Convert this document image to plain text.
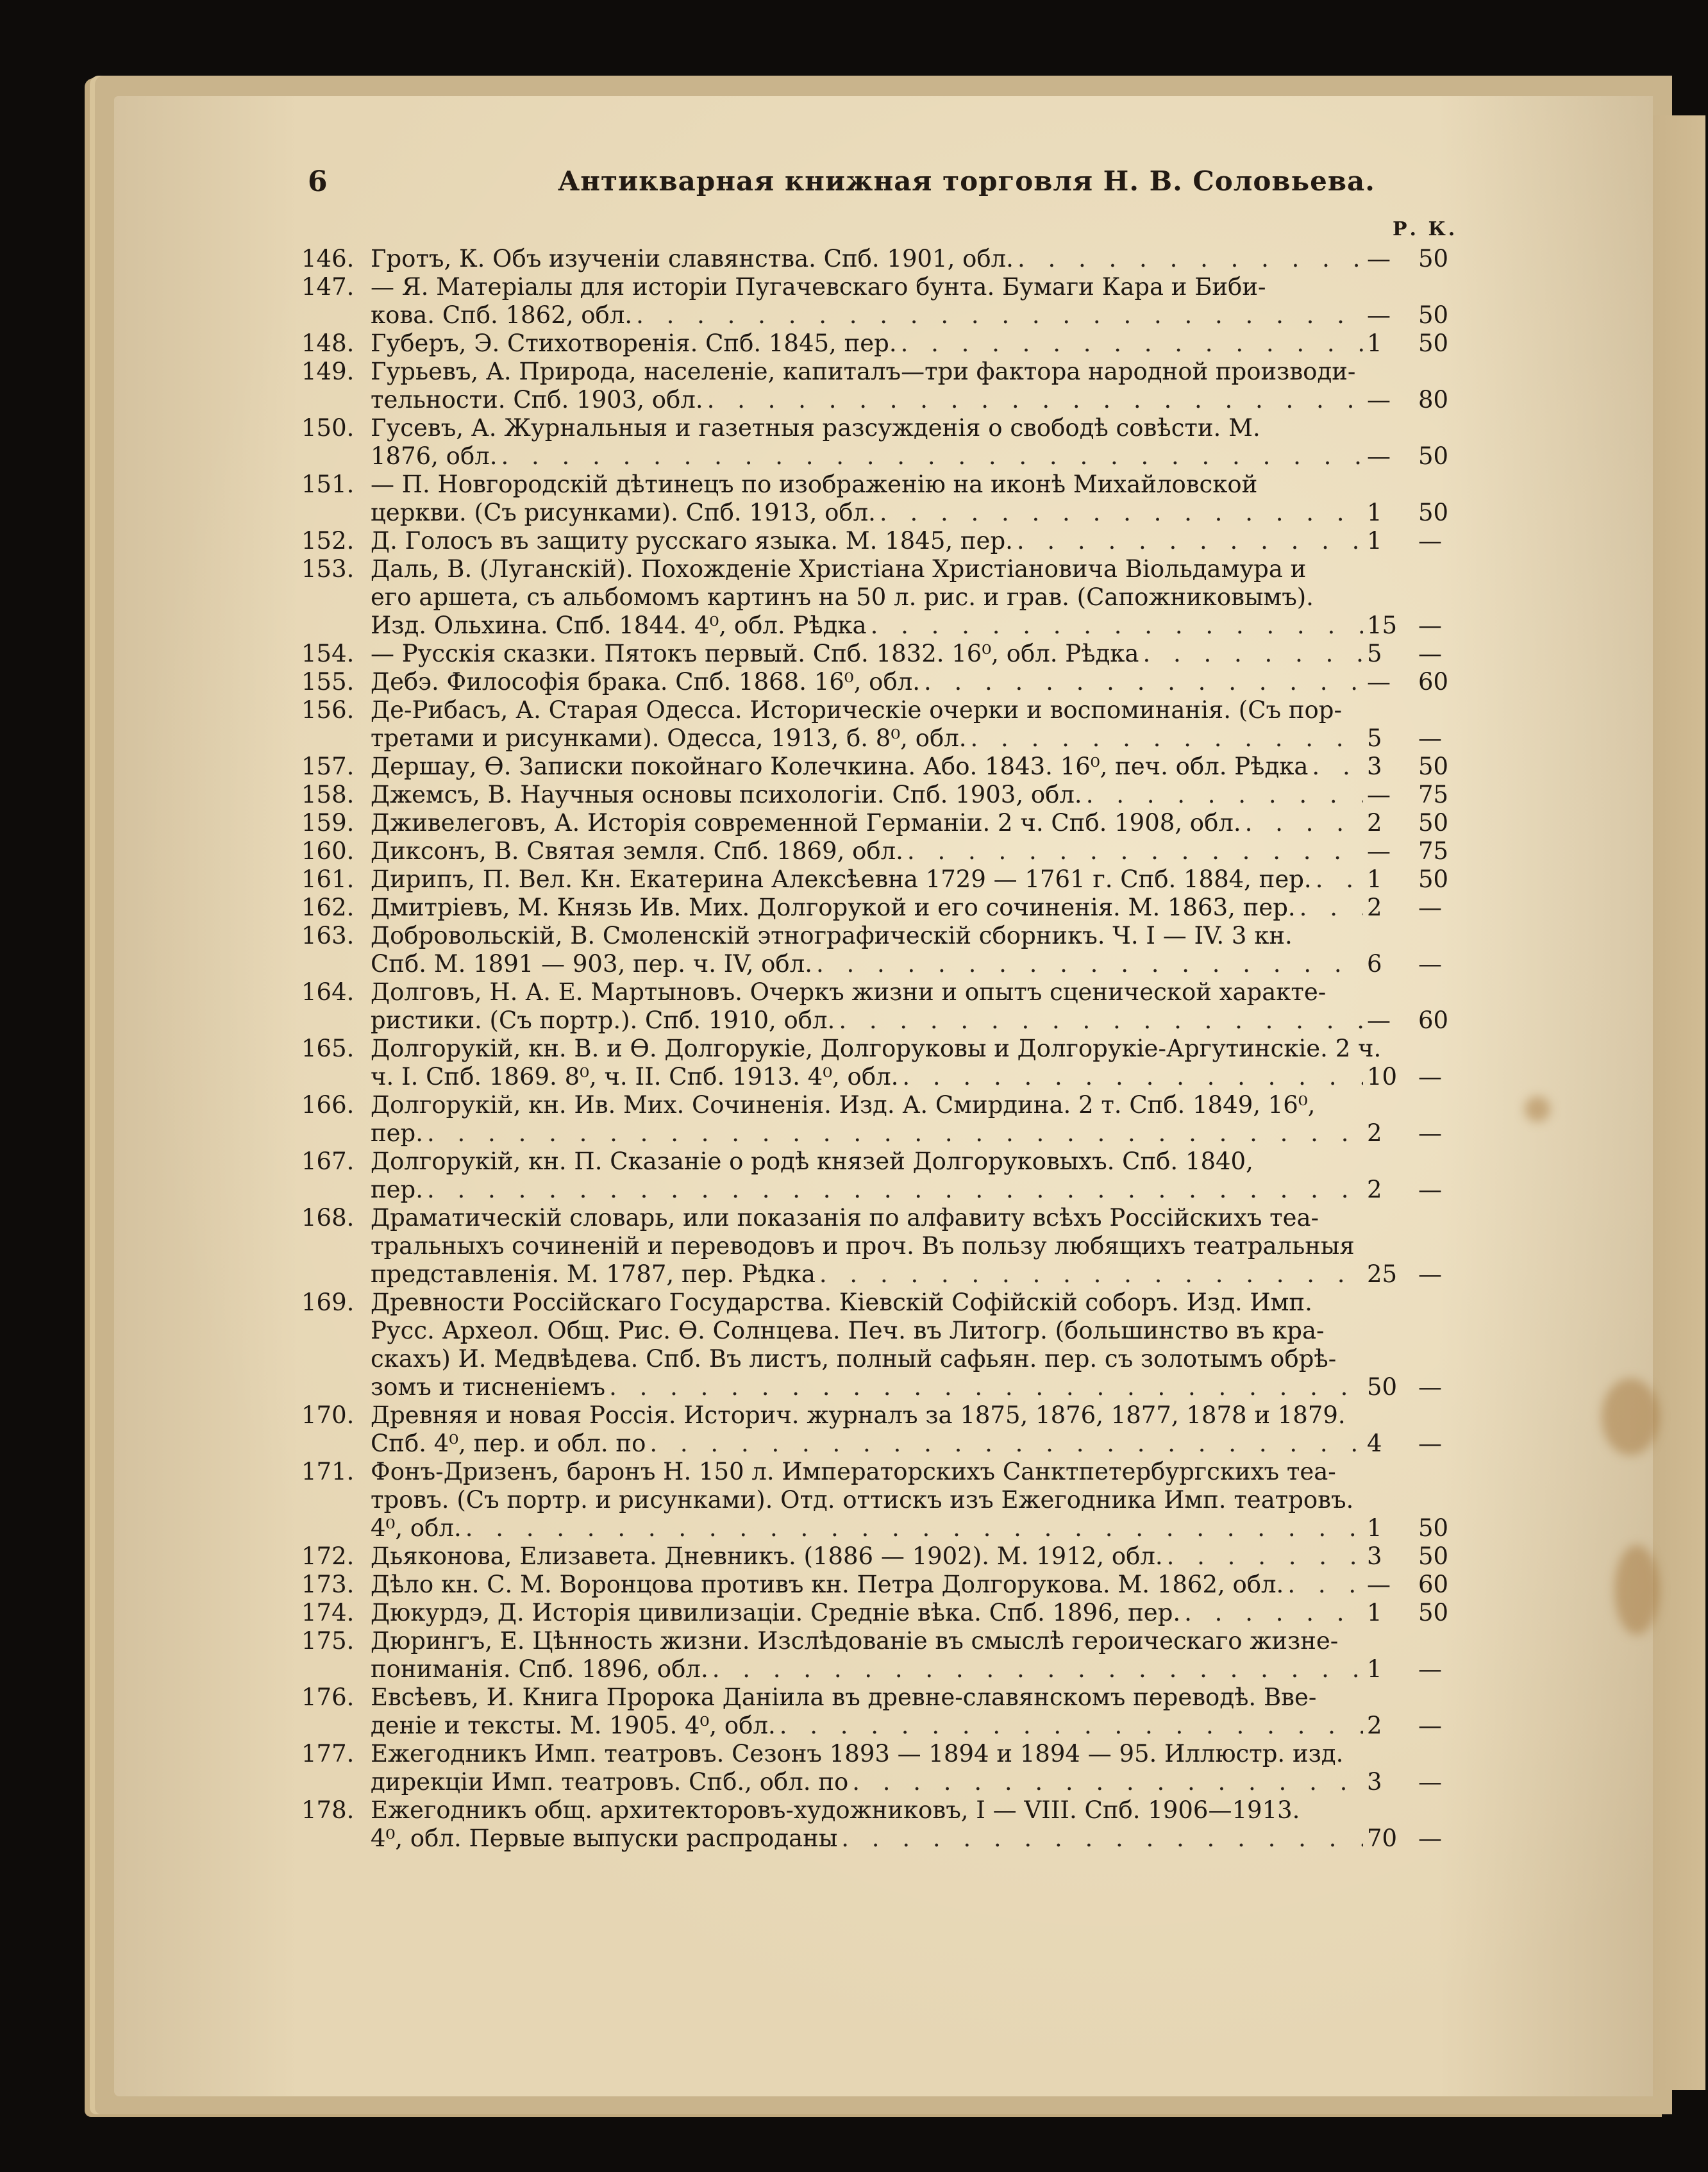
6	Антикварная книжная торговля Н. В. Соловьева.
Р. К.
146. Гротъ, К. Объ изученіи славянства. Спб. 1901, обл. . . .	—	50
147. — Я. Матеріалы для исторіи Пугачевскаго бунта. Бумаги Кара и Биби-
кова. Спб. 1862, обл. . . .	—	50
148. Губеръ, Э. Стихотворенія. Спб. 1845, пер. . . .	1	50
149. Гурьевъ, А. Природа, населеніе, капиталъ—три фактора народной производи-
тельности. Спб. 1903, обл. . . .	—	80
150. Гусевъ, А. Журнальныя и газетныя разсужденія о свободѣ совѣсти. М.
1876, обл. . . .	—	50
151. — П. Новгородскій дѣтинецъ по изображенію на иконѣ Михайловской
церкви. (Съ рисунками). Спб. 1913, обл. . . .	1	50
152. Д. Голосъ въ защиту русскаго языка. М. 1845, пер. . . .	1	—
153. Даль, В. (Луганскій). Похожденіе Христіана Христіановича Віольдамура и
его аршета, съ альбомомъ картинъ на 50 л. рис. и грав. (Сапожниковымъ).
Изд. Ольхина. Спб. 1844. 4⁰, обл. Рѣдка . . .	15 —
154. — Русскія сказки. Пятокъ первый. Спб. 1832. 16⁰, обл. Рѣдка . . .	5	—
155. Дебэ. Философія брака. Спб. 1868. 16⁰, обл. . . .	—	60
156. Де-Рибасъ, А. Старая Одесса. Историческіе очерки и воспоминанія. (Съ пор-
третами и рисунками). Одесса, 1913, б. 8⁰, обл. . . .	5	—
157. Дершау, Ѳ. Записки покойнаго Колечкина. Або. 1843. 16⁰, печ. обл. Рѣдка . . . 3	50
158. Джемсъ, В. Научныя основы психологіи. Спб. 1903, обл. . . .	—	75
159. Дживелеговъ, А. Исторія современной Германіи. 2 ч. Спб. 1908, обл. . . .	2	50
160. Диксонъ, В. Святая земля. Спб. 1869, обл. . . .	—	75
161. Дирипъ, П. Вел. Кн. Екатерина Алексѣевна 1729 — 1761 г. Спб. 1884, пер. . . . 1	50
162. Дмитріевъ, М. Князь Ив. Мих. Долгорукой и его сочиненія. М. 1863, пер. . . .	2	—
163. Добровольскій, В. Смоленскій этнографическій сборникъ. Ч. I — IV. 3 кн.
Спб. М. 1891 — 903, пер. ч. IV, обл. . . .	6	—
164. Долговъ, Н. А. Е. Мартыновъ. Очеркъ жизни и опытъ сценической характе-
ристики. (Съ портр.). Спб. 1910, обл. . . .	—	60
165. Долгорукій, кн. В. и Ѳ. Долгорукіе, Долгоруковы и Долгорукіе-Аргутинскіе. 2 ч.
ч. I. Спб. 1869. 8⁰, ч. II. Спб. 1913. 4⁰, обл. . . .	10 —
166. Долгорукій, кн. Ив. Мих. Сочиненія. Изд. А. Смирдина. 2 т. Спб. 1849, 16⁰,
пер. . . .	2	—
167. Долгорукій, кн. П. Сказаніе о родѣ князей Долгоруковыхъ. Спб. 1840,
пер. . . .	2	—
168. Драматическій словарь, или показанія по алфавиту всѣхъ Россійскихъ теа-
тральныхъ сочиненій и переводовъ и проч. Въ пользу любящихъ театральныя
представленія. М. 1787, пер. Рѣдка . . .	25 —
169. Древности Россійскаго Государства. Кіевскій Софійскій соборъ. Изд. Имп.
Русс. Археол. Общ. Рис. Ѳ. Солнцева. Печ. въ Литогр. (большинство въ кра-
скахъ) И. Медвѣдева. Спб. Въ листъ, полный сафьян. пер. съ золотымъ обрѣ-
зомъ и тисненіемъ . . .	50 —
170. Древняя и новая Россія. Историч. журналъ за 1875, 1876, 1877, 1878 и 1879.
Спб. 4⁰, пер. и обл. по . . .	4	—
171. Фонъ-Дризенъ, баронъ Н. 150 л. Императорскихъ Санктпетербургскихъ теа-
тровъ. (Съ портр. и рисунками). Отд. оттискъ изъ Ежегодника Имп. театровъ.
4⁰, обл. . . .	1	50
172. Дьяконова, Елизавета. Дневникъ. (1886 — 1902). М. 1912, обл. . . .	3	50
173. Дѣло кн. С. М. Воронцова противъ кн. Петра Долгорукова. М. 1862, обл. . . .	—	60
174. Дюкурдэ, Д. Исторія цивилизаціи. Средніе вѣка. Спб. 1896, пер. . . .	1	50
175. Дюрингъ, Е. Цѣнность жизни. Изслѣдованіе въ смыслѣ героическаго жизне-
пониманія. Спб. 1896, обл. . . .	1	—
176. Евсѣевъ, И. Книга Пророка Даніила въ древне-славянскомъ переводѣ. Вве-
деніе и тексты. М. 1905. 4⁰, обл. . . .	2	—
177. Ежегодникъ Имп. театровъ. Сезонъ 1893 — 1894 и 1894 — 95. Иллюстр. изд.
дирекціи Имп. театровъ. Спб., обл. по . . .	3	—
178. Ежегодникъ общ. архитекторовъ-художниковъ, I — VIII. Спб. 1906—1913.
4⁰, обл. Первые выпуски распроданы . . .	70 —
